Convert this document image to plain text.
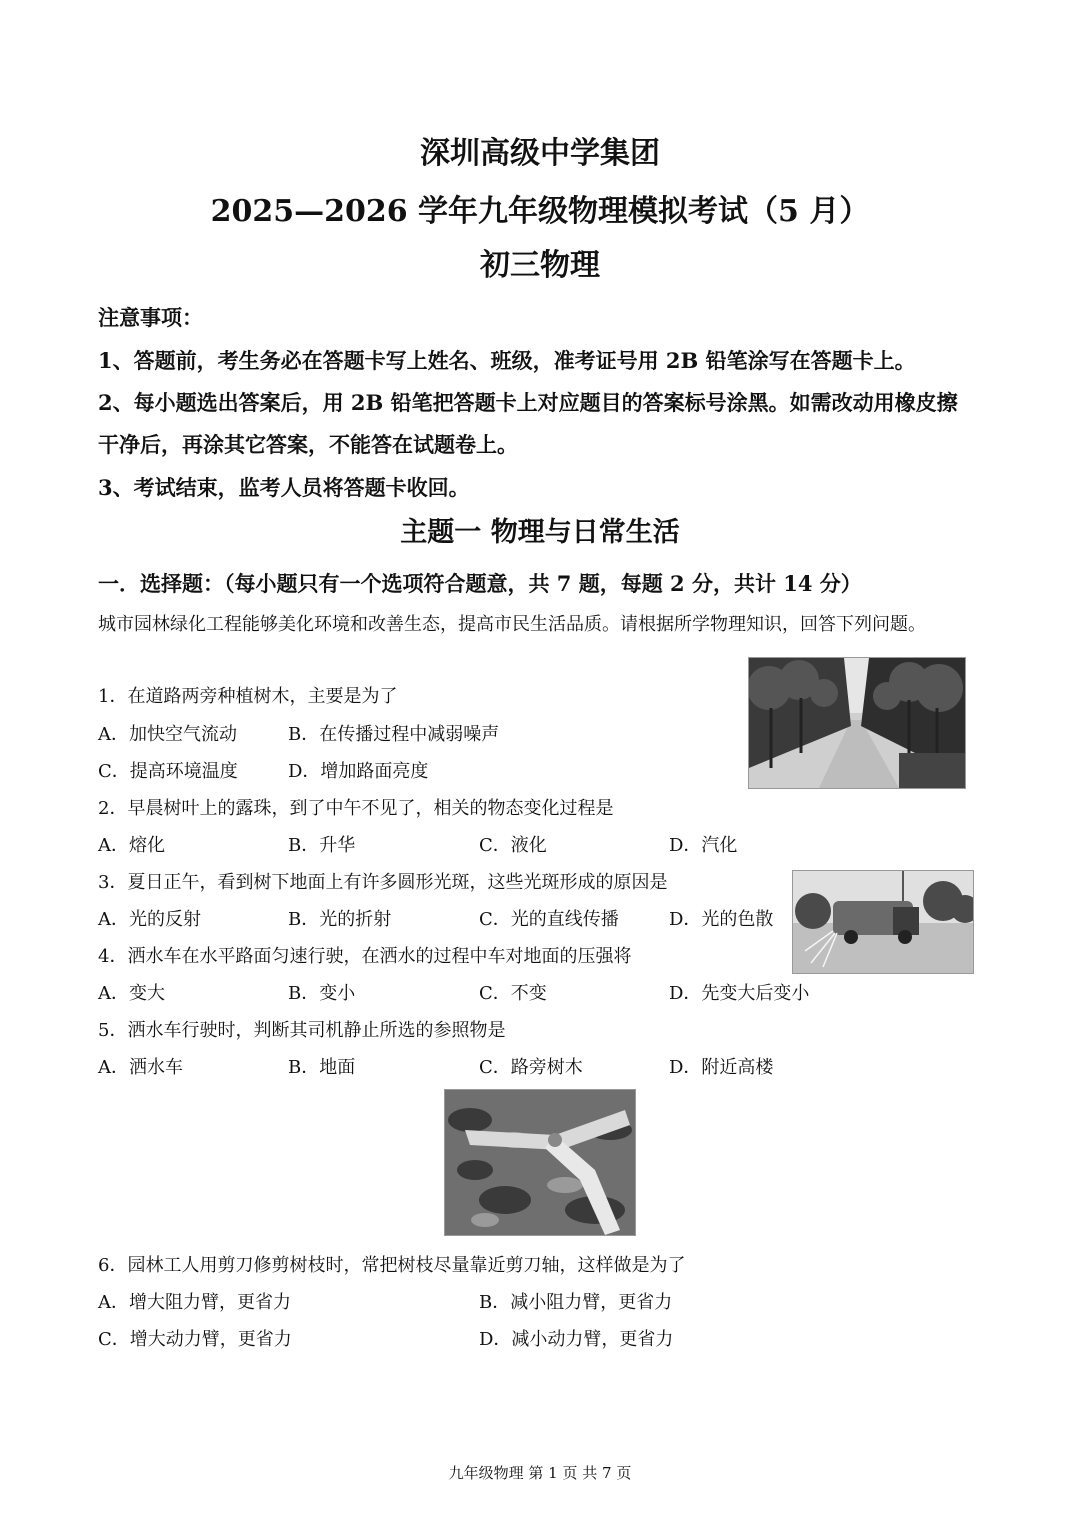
深圳高级中学集团
2025—2026 学年九年级物理模拟考试（5 月）
初三物理
注意事项：
1、答题前，考生务必在答题卡写上姓名、班级，准考证号用 2B 铅笔涂写在答题卡上。
2、每小题选出答案后，用 2B 铅笔把答题卡上对应题目的答案标号涂黑。如需改动用橡皮擦
干净后，再涂其它答案，不能答在试题卷上。
3、考试结束，监考人员将答题卡收回。
主题一 物理与日常生活
一．选择题：（每小题只有一个选项符合题意，共 7 题，每题 2 分，共计 14 分）
城市园林绿化工程能够美化环境和改善生态，提高市民生活品质。请根据所学物理知识，回答下列问题。
1．在道路两旁种植树木，主要是为了
A．加快空气流动	B．在传播过程中减弱噪声
C．提高环境温度	D．增加路面亮度
2．早晨树叶上的露珠，到了中午不见了，相关的物态变化过程是
A．熔化	B．升华	C．液化	D．汽化
3．夏日正午，看到树下地面上有许多圆形光斑，这些光斑形成的原因是
A．光的反射	B．光的折射	C．光的直线传播	D．光的色散
4．洒水车在水平路面匀速行驶，在洒水的过程中车对地面的压强将
A．变大	B．变小	C．不变	D．先变大后变小
5．洒水车行驶时，判断其司机静止所选的参照物是
A．洒水车	B．地面	C．路旁树木	D．附近高楼
6．园林工人用剪刀修剪树枝时，常把树枝尽量靠近剪刀轴，这样做是为了
A．增大阻力臂，更省力	B．减小阻力臂，更省力
C．增大动力臂，更省力	D．减小动力臂，更省力
九年级物理 第 1 页 共 7 页
